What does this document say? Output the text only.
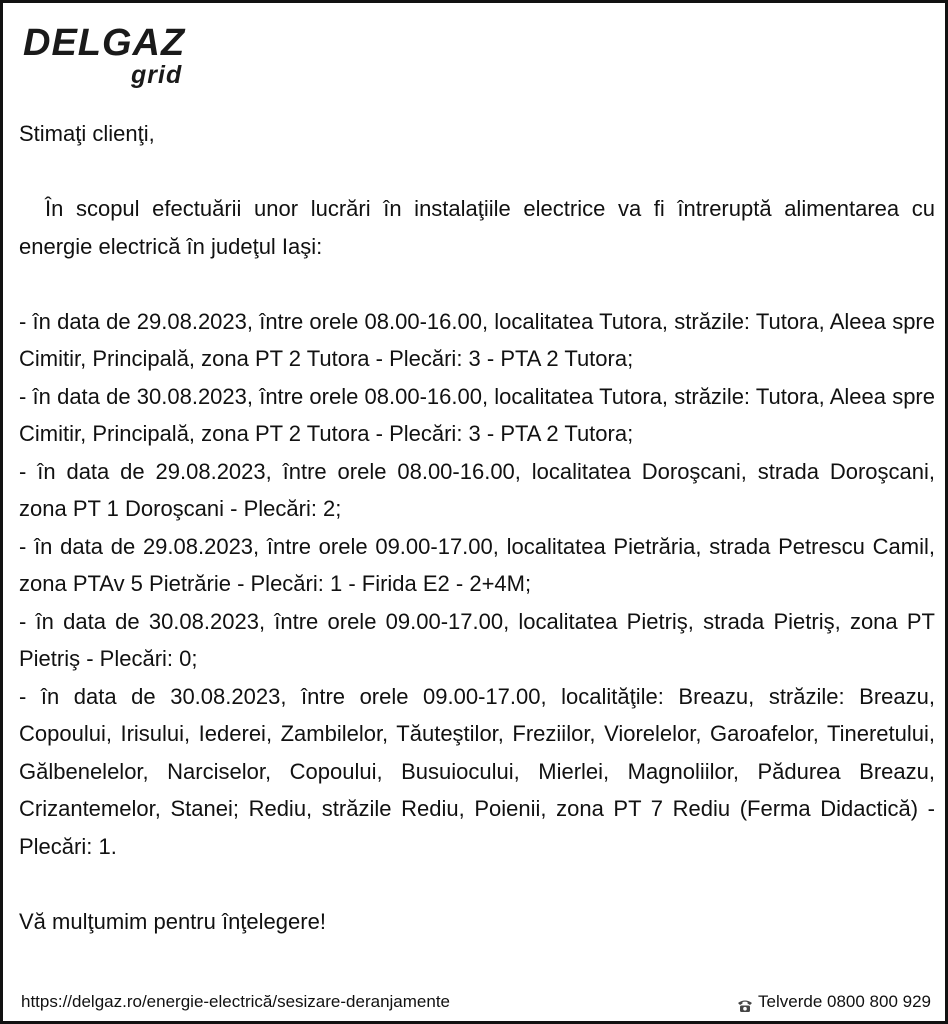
DELGAZ
grid

Stimaţi clienţi,

În scopul efectuării unor lucrări în instalaţiile electrice va fi întreruptă alimentarea cu energie electrică în judeţul Iaşi:

- în data de 29.08.2023, între orele 08.00-16.00, localitatea Tutora, străzile: Tutora, Aleea spre Cimitir, Principală, zona PT 2 Tutora - Plecări: 3 - PTA 2 Tutora;

- în data de 30.08.2023, între orele 08.00-16.00, localitatea Tutora, străzile: Tutora, Aleea spre Cimitir, Principală, zona PT 2 Tutora - Plecări: 3 - PTA 2 Tutora;

- în data de 29.08.2023, între orele 08.00-16.00, localitatea Doroşcani, strada Doroşcani, zona PT 1 Doroşcani - Plecări: 2;

- în data de 29.08.2023, între orele 09.00-17.00, localitatea Pietrăria, strada Petrescu Camil, zona PTAv 5 Pietrărie - Plecări: 1 - Firida E2 - 2+4M;

- în data de 30.08.2023, între orele 09.00-17.00, localitatea Pietriş, strada Pietriş, zona PT Pietriş - Plecări: 0;

- în data de 30.08.2023, între orele 09.00-17.00, localităţile: Breazu, străzile: Breazu, Copoului, Irisului, Iederei, Zambilelor, Tăuteştilor, Freziilor, Viorelelor, Garoafelor, Tineretului, Gălbenelelor, Narciselor, Copoului, Busuiocului, Mierlei, Magnoliilor, Pădurea Breazu, Crizantemelor, Stanei; Rediu, străzile Rediu, Poienii, zona PT 7 Rediu (Ferma Didactică) - Plecări: 1.

Vă mulţumim pentru înţelegere!

https://delgaz.ro/energie-electrică/sesizare-deranjamente	Telverde 0800 800 929
